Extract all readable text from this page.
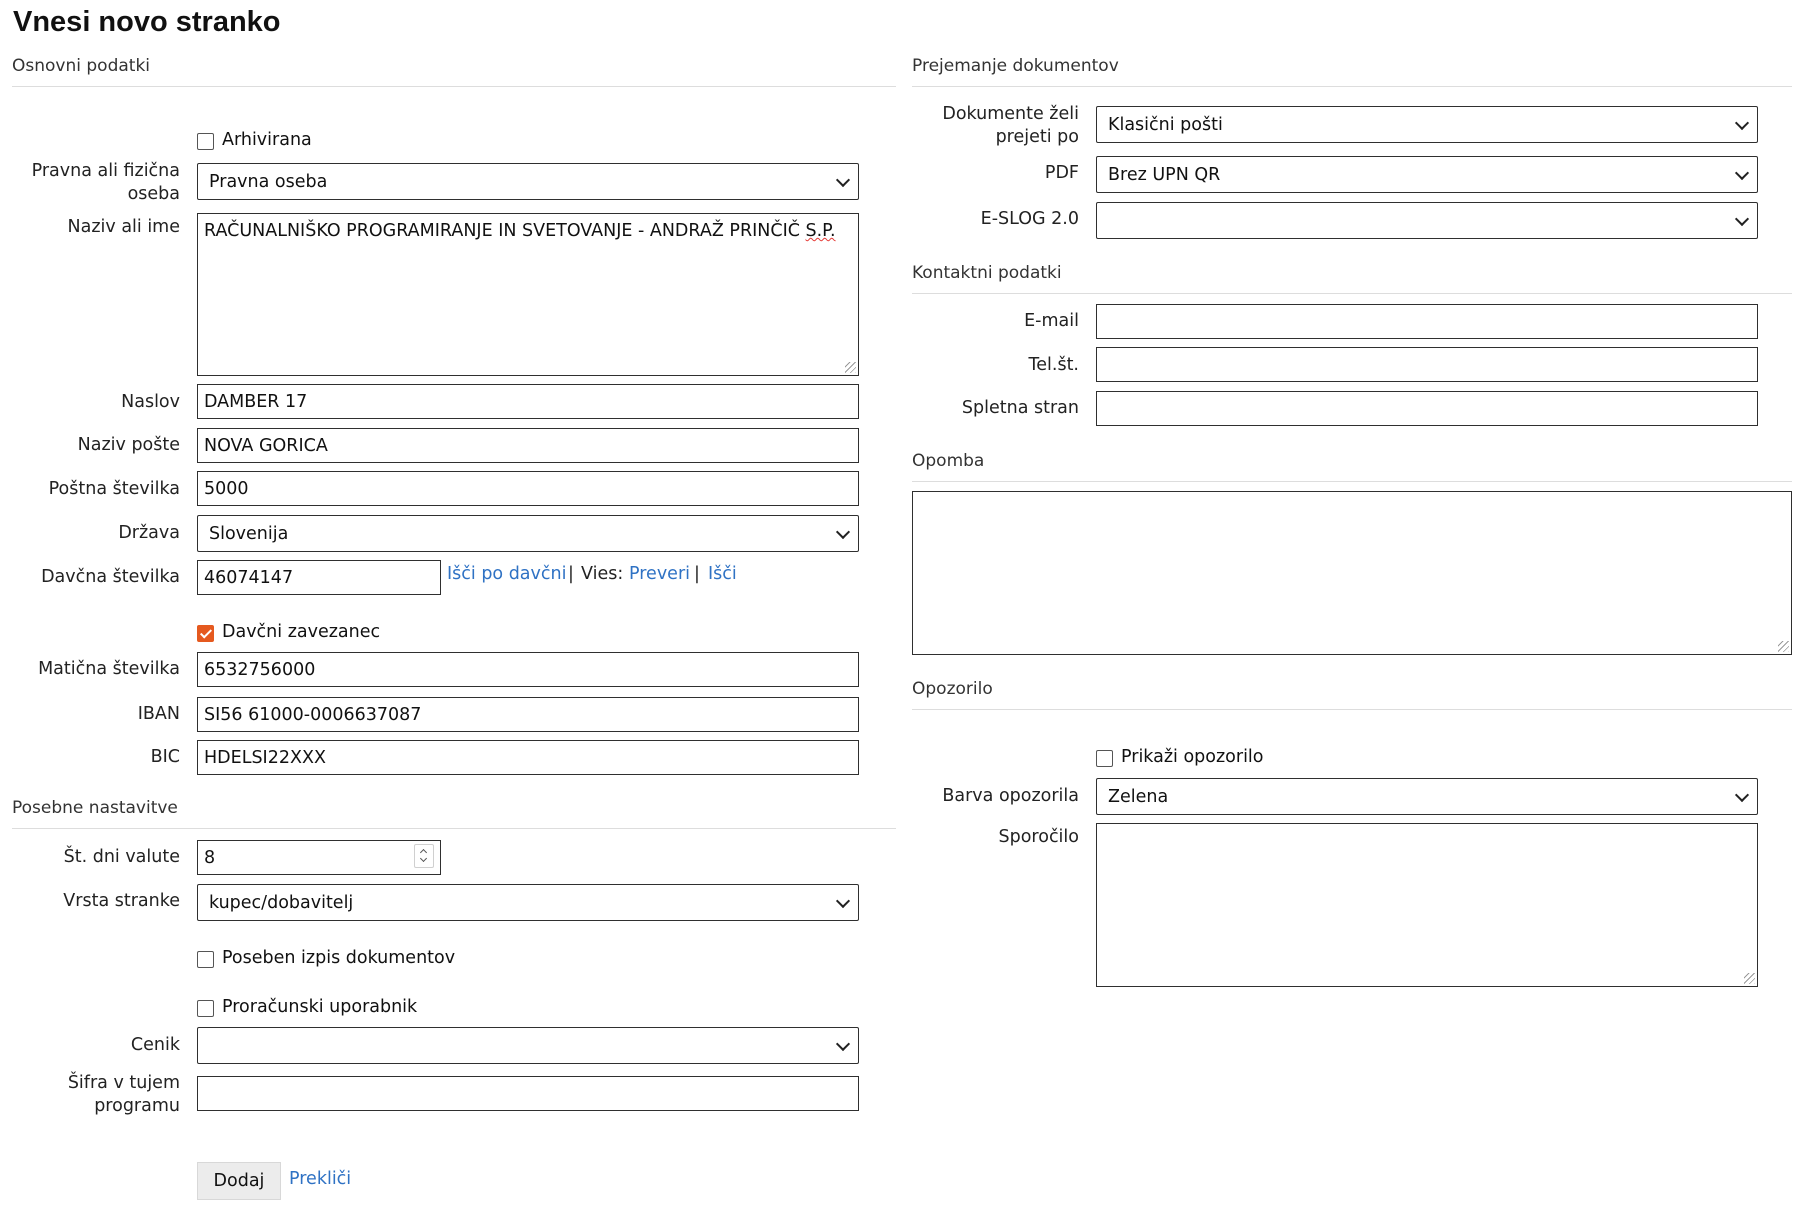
Vnesi novo stranko
Osnovni podatki
Arhivirana
Pravna ali fizična
oseba
Pravna oseba
Naziv ali ime RAČUNALNIŠKO PROGRAMIRANJE IN SVETOVANJE - ANDRAŽ PRINČIČ S.P.
Naslov DAMBER 17
Naziv pošte NOVA GORICA
Poštna številka 5000
Država Slovenija
Davčna številka 46074147	Išči po davčni | Vies: Preveri | Išči
Davčni zavezanec
Matična številka 6532756000
IBAN SI56 61000-0006637087
BIC HDELSI22XXX
Posebne nastavitve
Št. dni valute 8
Vrsta stranke kupec/dobavitelj
Poseben izpis dokumentov
Proračunski uporabnik
Cenik
Šifra v tujem
programu
Dodaj	Prekliči
Prejemanje dokumentov
Dokumente želi
prejeti po
Klasični pošti
PDF Brez UPN QR
E-SLOG 2.0
Kontaktni podatki
E-mail
Tel.št.
Spletna stran
Opomba
Opozorilo
Prikaži opozorilo
Barva opozorila Zelena
Sporočilo
